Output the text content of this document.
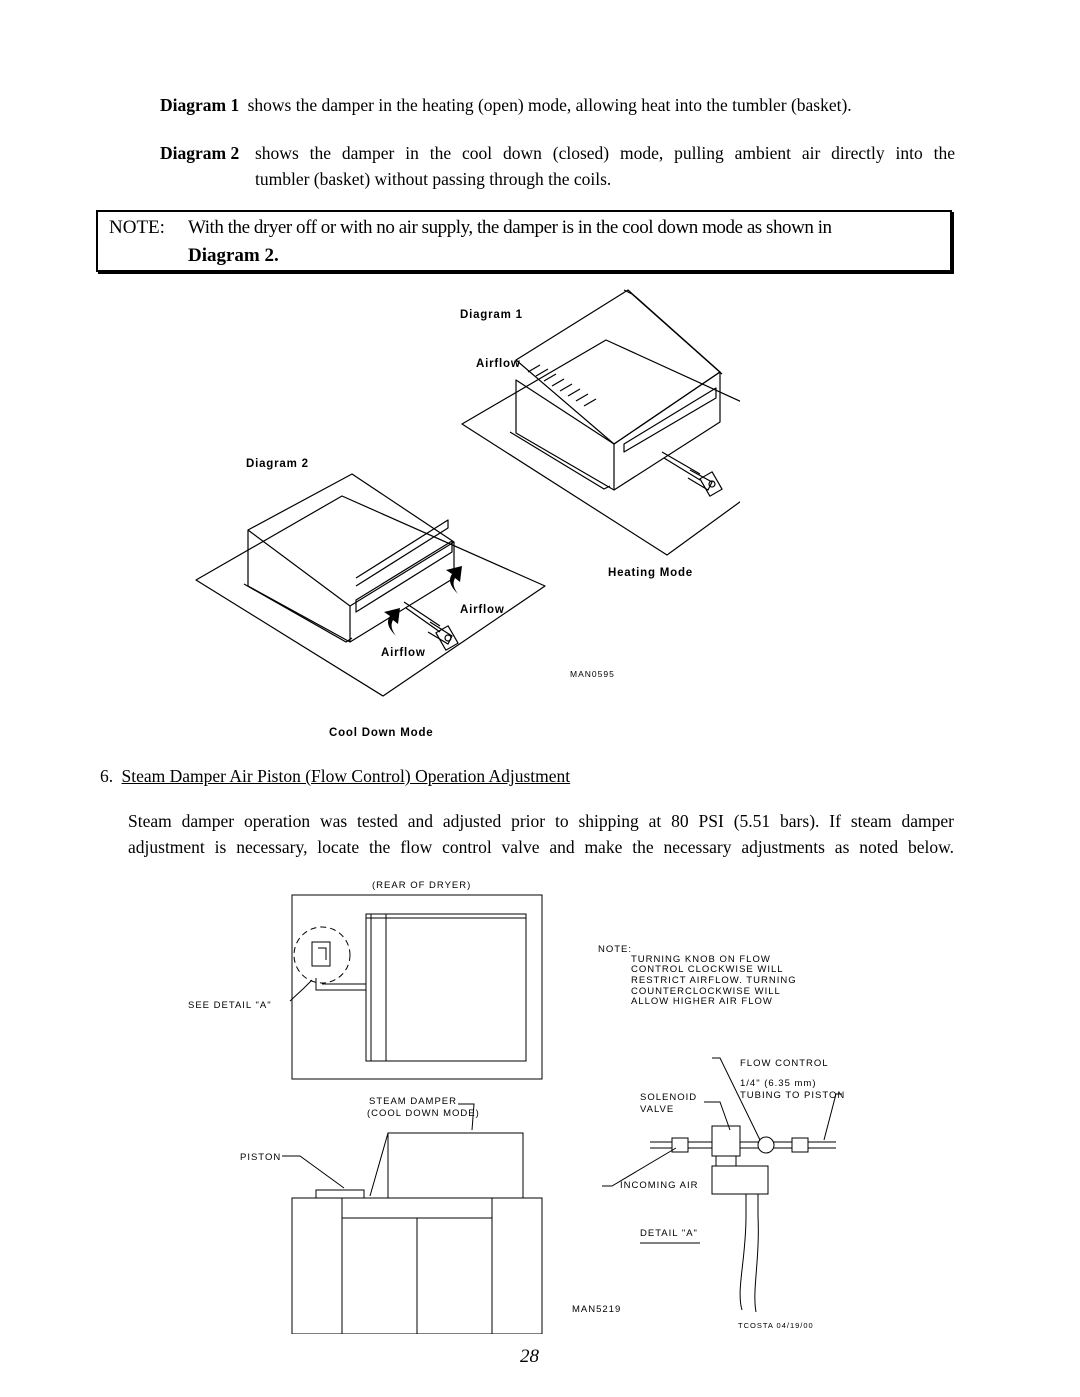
Diagram 1 shows the damper in the heating (open) mode, allowing heat into the tumbler (basket).
Diagram 2 shows the damper in the cool down (closed) mode, pulling ambient air directly into the
tumbler (basket) without passing through the coils.
NOTE: With the dryer off or with no air supply, the damper is in the cool down mode as shown in
Diagram 2.
Diagram 1
Airflow
Diagram 2
Heating Mode
Airflow
Airflow
MAN0595
Cool Down Mode
6. Steam Damper Air Piston (Flow Control) Operation Adjustment
Steam damper operation was tested and adjusted prior to shipping at 80 PSI (5.51 bars). If steam damper
adjustment is necessary, locate the flow control valve and make the necessary adjustments as noted below.
(REAR OF DRYER)
SEE DETAIL "A"
NOTE:
TURNING KNOB ON FLOW
CONTROL CLOCKWISE WILL
RESTRICT AIRFLOW. TURNING
COUNTERCLOCKWISE WILL
ALLOW HIGHER AIR FLOW
FLOW CONTROL
1/4" (6.35 mm)
TUBING TO PISTON
SOLENOID
VALVE
STEAM DAMPER
(COOL DOWN MODE)
PISTON
INCOMING AIR
DETAIL "A"
MAN5219
TCOSTA 04/19/00
28
